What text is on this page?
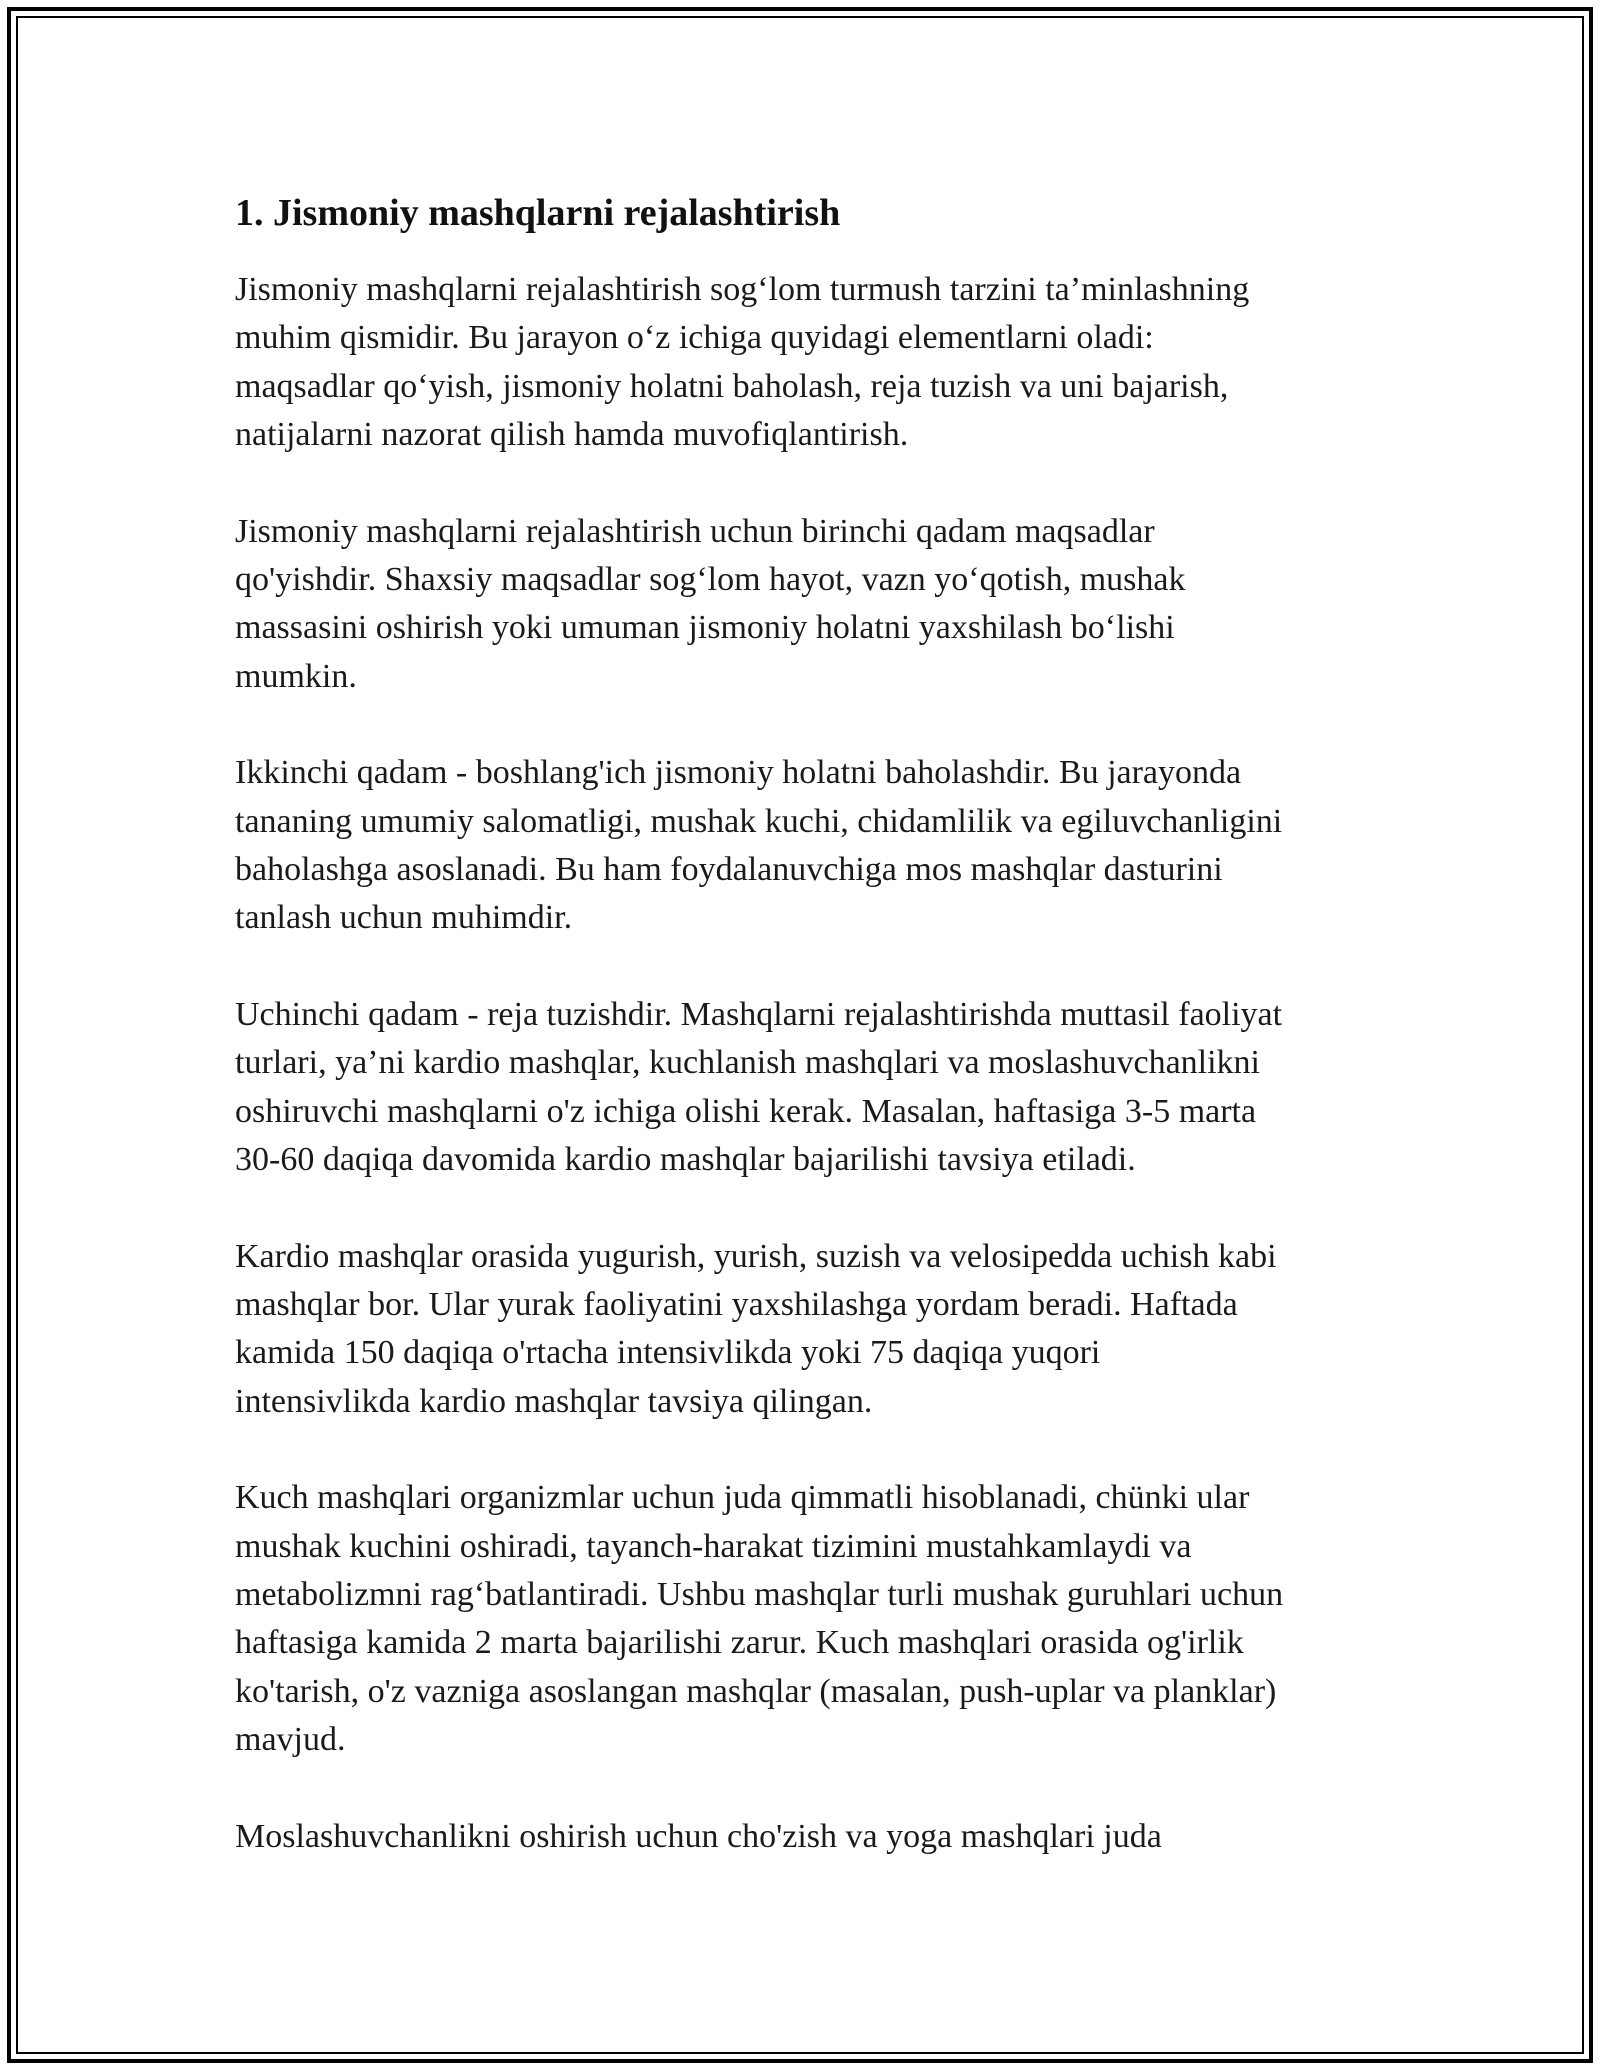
1. Jismoniy mashqlarni rejalashtirish

Jismoniy mashqlarni rejalashtirish sog‘lom turmush tarzini ta’minlashning
muhim qismidir. Bu jarayon o‘z ichiga quyidagi elementlarni oladi:
maqsadlar qo‘yish, jismoniy holatni baholash, reja tuzish va uni bajarish,
natijalarni nazorat qilish hamda muvofiqlantirish.

Jismoniy mashqlarni rejalashtirish uchun birinchi qadam maqsadlar
qo'yishdir. Shaxsiy maqsadlar sog‘lom hayot, vazn yo‘qotish, mushak
massasini oshirish yoki umuman jismoniy holatni yaxshilash bo‘lishi
mumkin.

Ikkinchi qadam - boshlang'ich jismoniy holatni baholashdir. Bu jarayonda
tananing umumiy salomatligi, mushak kuchi, chidamlilik va egiluvchanligini
baholashga asoslanadi. Bu ham foydalanuvchiga mos mashqlar dasturini
tanlash uchun muhimdir.

Uchinchi qadam - reja tuzishdir. Mashqlarni rejalashtirishda muttasil faoliyat
turlari, ya’ni kardio mashqlar, kuchlanish mashqlari va moslashuvchanlikni
oshiruvchi mashqlarni o'z ichiga olishi kerak. Masalan, haftasiga 3-5 marta
30-60 daqiqa davomida kardio mashqlar bajarilishi tavsiya etiladi.

Kardio mashqlar orasida yugurish, yurish, suzish va velosipedda uchish kabi
mashqlar bor. Ular yurak faoliyatini yaxshilashga yordam beradi. Haftada
kamida 150 daqiqa o'rtacha intensivlikda yoki 75 daqiqa yuqori
intensivlikda kardio mashqlar tavsiya qilingan.

Kuch mashqlari organizmlar uchun juda qimmatli hisoblanadi, chünki ular
mushak kuchini oshiradi, tayanch-harakat tizimini mustahkamlaydi va
metabolizmni rag‘batlantiradi. Ushbu mashqlar turli mushak guruhlari uchun
haftasiga kamida 2 marta bajarilishi zarur. Kuch mashqlari orasida og'irlik
ko'tarish, o'z vazniga asoslangan mashqlar (masalan, push-uplar va planklar)
mavjud.

Moslashuvchanlikni oshirish uchun cho'zish va yoga mashqlari juda
